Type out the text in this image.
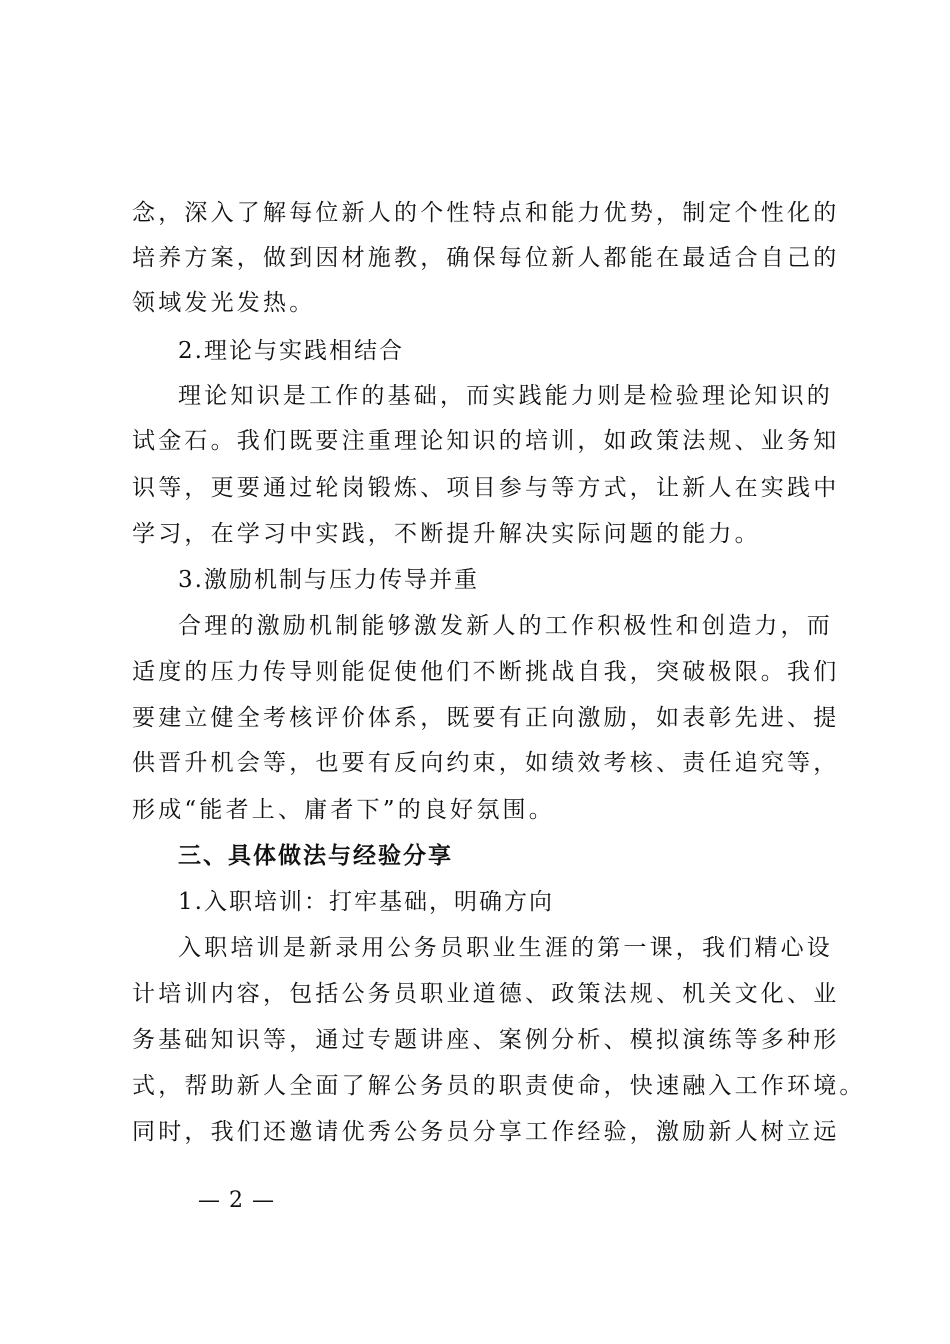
念，深入了解每位新人的个性特点和能力优势，制定个性化的
培养方案，做到因材施教，确保每位新人都能在最适合自己的
领域发光发热。
2.理论与实践相结合
理论知识是工作的基础，而实践能力则是检验理论知识的
试金石。我们既要注重理论知识的培训，如政策法规、业务知
识等，更要通过轮岗锻炼、项目参与等方式，让新人在实践中
学习，在学习中实践，不断提升解决实际问题的能力。
3.激励机制与压力传导并重
合理的激励机制能够激发新人的工作积极性和创造力，而
适度的压力传导则能促使他们不断挑战自我，突破极限。我们
要建立健全考核评价体系，既要有正向激励，如表彰先进、提
供晋升机会等，也要有反向约束，如绩效考核、责任追究等，
形成“能者上、庸者下”的良好氛围。
三、具体做法与经验分享
1.入职培训：打牢基础，明确方向
入职培训是新录用公务员职业生涯的第一课，我们精心设
计培训内容，包括公务员职业道德、政策法规、机关文化、业
务基础知识等，通过专题讲座、案例分析、模拟演练等多种形
式，帮助新人全面了解公务员的职责使命，快速融入工作环境。
同时，我们还邀请优秀公务员分享工作经验，激励新人树立远
— 2 —
